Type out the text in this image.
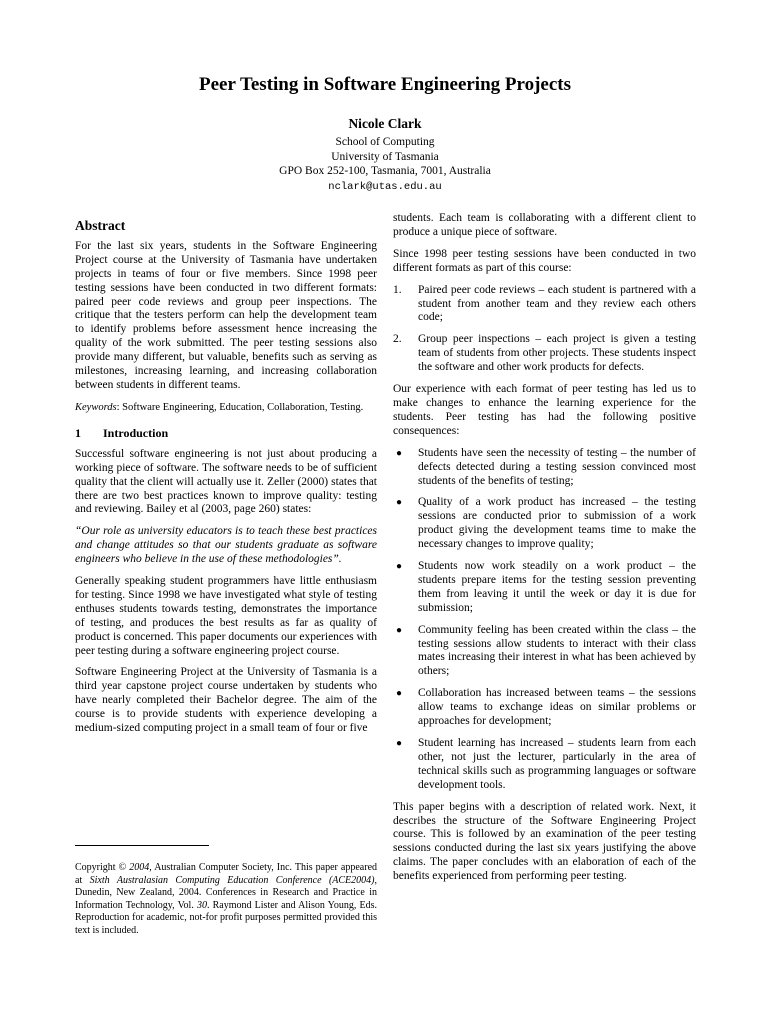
Peer Testing in Software Engineering Projects
Nicole Clark
School of Computing
University of Tasmania
GPO Box 252-100, Tasmania, 7001, Australia
nclark@utas.edu.au
Abstract

For the last six years, students in the Software Engineering Project course at the University of Tasmania have undertaken projects in teams of four or five members. Since 1998 peer testing sessions have been conducted in two different formats: paired peer code reviews and group peer inspections. The critique that the testers perform can help the development team to identify problems before assessment hence increasing the quality of the work submitted. The peer testing sessions also provide many different, but valuable, benefits such as serving as milestones, increasing learning, and increasing collaboration between students in different teams.

Keywords: Software Engineering, Education, Collaboration, Testing.

1 Introduction

Successful software engineering is not just about producing a working piece of software. The software needs to be of sufficient quality that the client will actually use it. Zeller (2000) states that there are two best practices known to improve quality: testing and reviewing. Bailey et al (2003, page 260) states:

“Our role as university educators is to teach these best practices and change attitudes so that our students graduate as software engineers who believe in the use of these methodologies”.

Generally speaking student programmers have little enthusiasm for testing. Since 1998 we have investigated what style of testing enthuses students towards testing, demonstrates the importance of testing, and produces the best results as far as quality of product is concerned. This paper documents our experiences with peer testing during a software engineering project course.

Software Engineering Project at the University of Tasmania is a third year capstone project course undertaken by students who have nearly completed their Bachelor degree. The aim of the course is to provide students with experience developing a medium-sized computing project in a small team of four or five

Copyright © 2004, Australian Computer Society, Inc. This paper appeared at Sixth Australasian Computing Education Conference (ACE2004), Dunedin, New Zealand, 2004. Conferences in Research and Practice in Information Technology, Vol. 30. Raymond Lister and Alison Young, Eds. Reproduction for academic, not-for profit purposes permitted provided this text is included.

students. Each team is collaborating with a different client to produce a unique piece of software.

Since 1998 peer testing sessions have been conducted in two different formats as part of this course:

1. Paired peer code reviews – each student is partnered with a student from another team and they review each others code;
2. Group peer inspections – each project is given a testing team of students from other projects. These students inspect the software and other work products for defects.

Our experience with each format of peer testing has led us to make changes to enhance the learning experience for the students. Peer testing has had the following positive consequences:

● Students have seen the necessity of testing – the number of defects detected during a testing session convinced most students of the benefits of testing;
● Quality of a work product has increased – the testing sessions are conducted prior to submission of a work product giving the development teams time to make the necessary changes to improve quality;
● Students now work steadily on a work product – the students prepare items for the testing session preventing them from leaving it until the week or day it is due for submission;
● Community feeling has been created within the class – the testing sessions allow students to interact with their class mates increasing their interest in what has been achieved by others;
● Collaboration has increased between teams – the sessions allow teams to exchange ideas on similar problems or approaches for development;
● Student learning has increased – students learn from each other, not just the lecturer, particularly in the area of technical skills such as programming languages or software development tools.

This paper begins with a description of related work. Next, it describes the structure of the Software Engineering Project course. This is followed by an examination of the peer testing sessions conducted during the last six years justifying the above claims. The paper concludes with an elaboration of each of the benefits experienced from performing peer testing.
